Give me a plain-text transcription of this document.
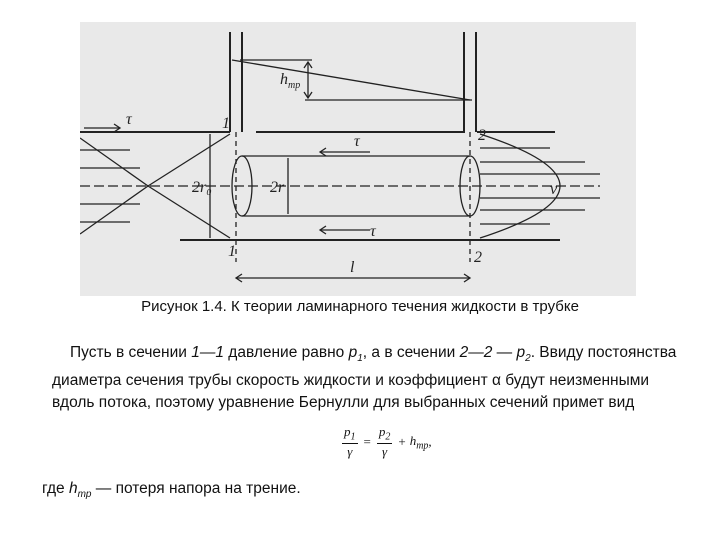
τ
τ
τ
1
1
2
2
2r₀	2r	v
$h_{mp}$
l
Рисунок 1.4. К теории ламинарного течения жидкости в трубке
Пусть в сечении 1—1 давление равно $p_1$, а в сечении 2—2 — $p_2$. Ввиду постоянства диаметра сечения трубы скорость жидкости и коэффициент α будут неизменными вдоль потока, поэтому уравнение Бернулли для выбранных сечений примет вид
$\frac{p_1}{\gamma} = \frac{p_2}{\gamma} + h_{mp}$ ,
где $h_{mp}$ — потеря напора на трение.
